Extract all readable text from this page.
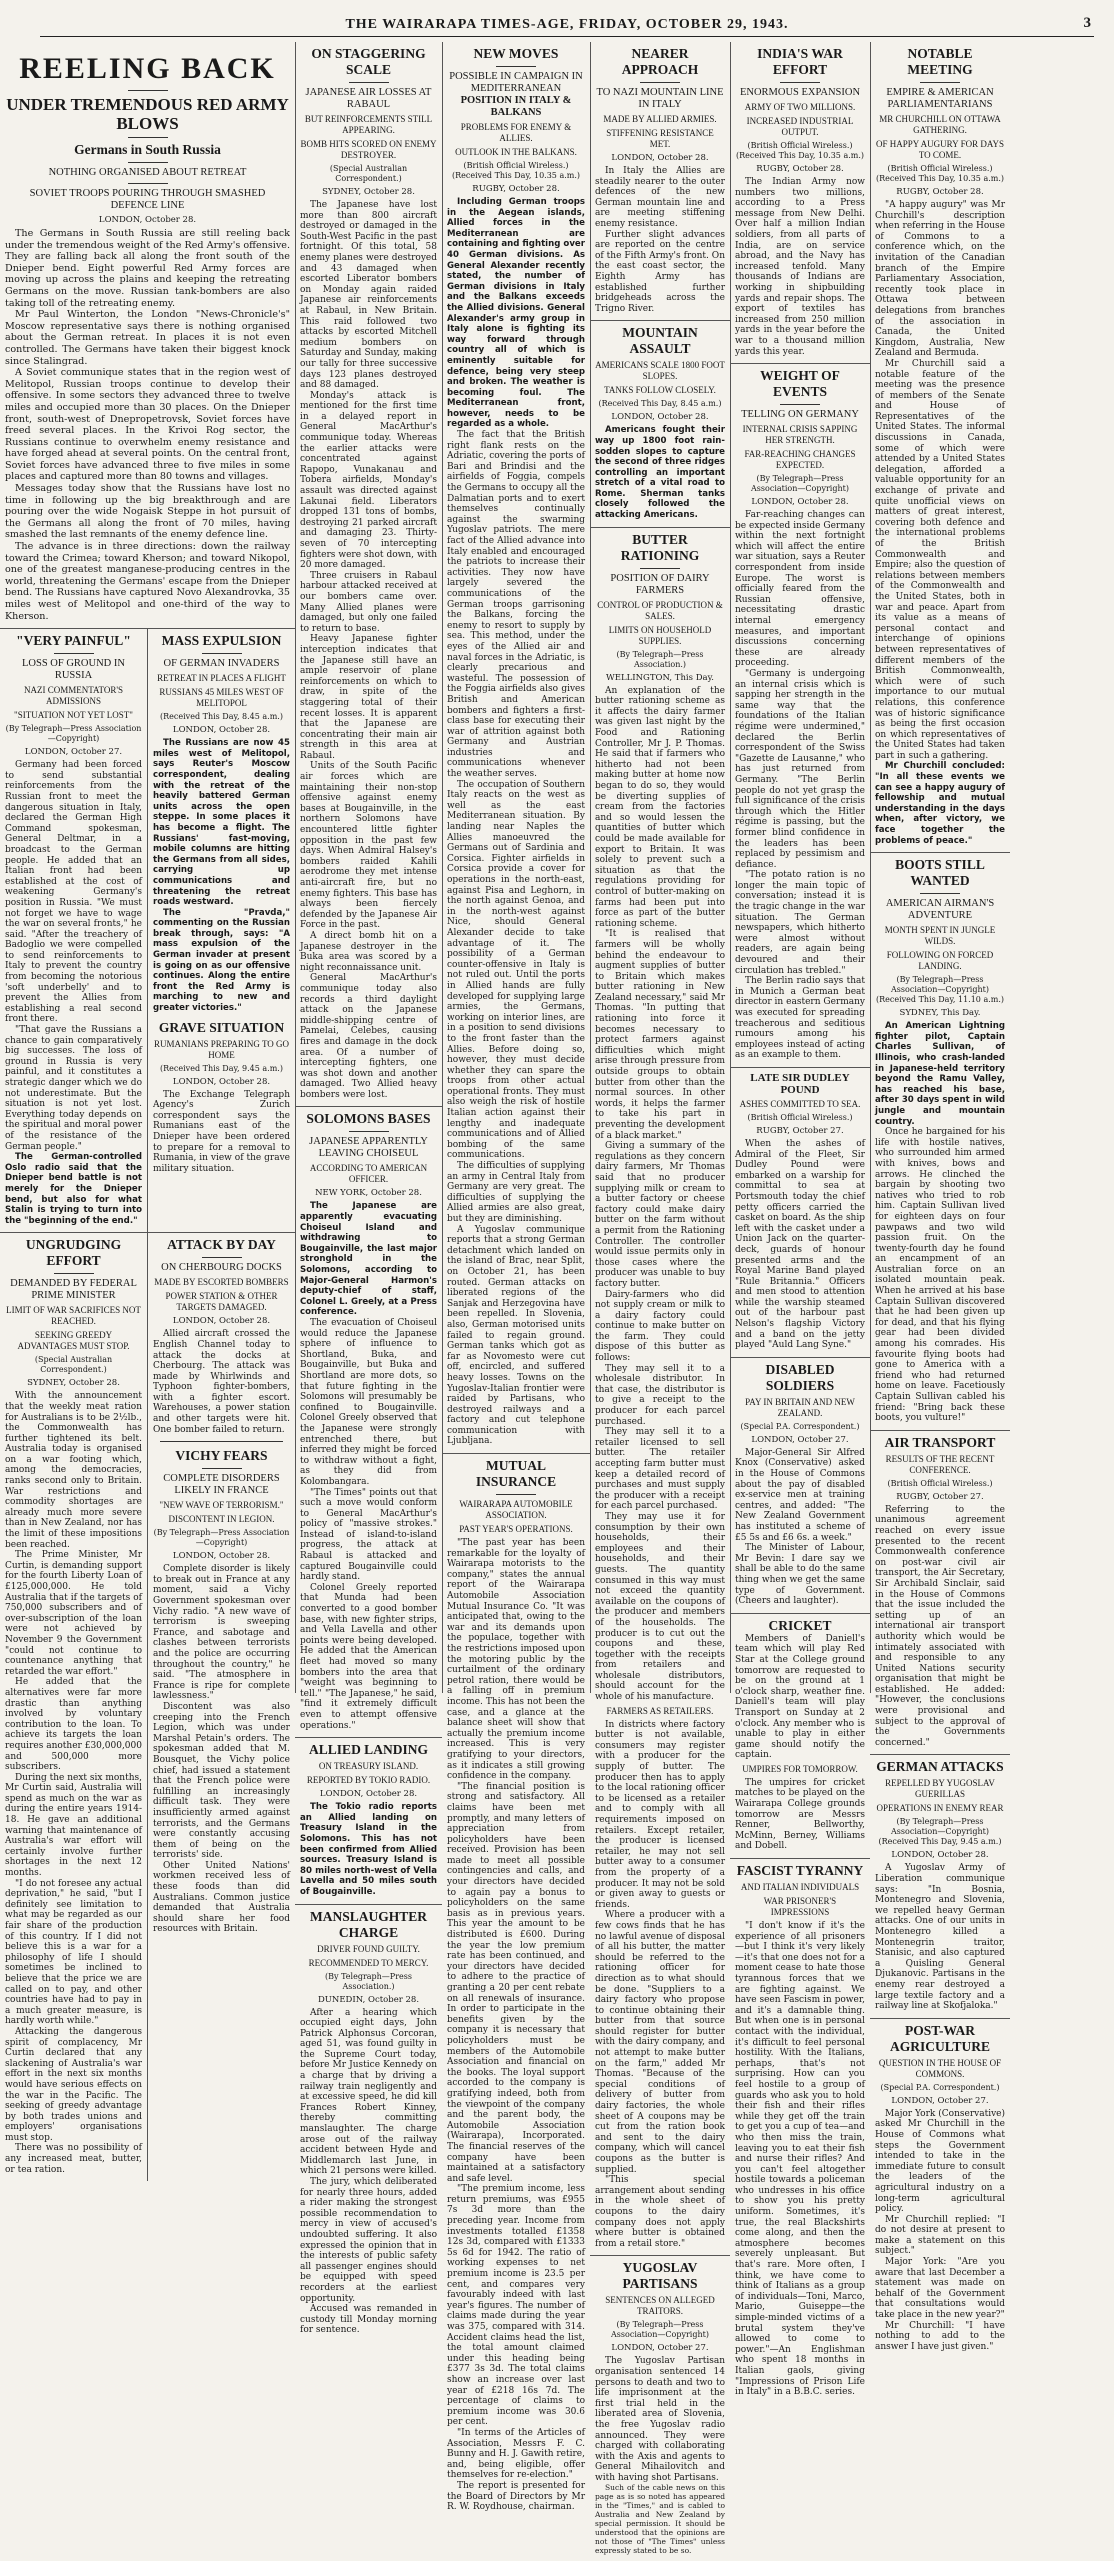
THE WAIRARAPA TIMES-AGE, FRIDAY, OCTOBER 29, 1943.	3
REELING BACK
UNDER TREMENDOUS RED ARMY BLOWS
Germans in South Russia
NOTHING ORGANISED ABOUT RETREAT
SOVIET TROOPS POURING THROUGH SMASHED DEFENCE LINE
LONDON, October 28.

The Germans in South Russia are still reeling back under the tremendous weight of the Red Army's offensive. They are falling back all along the front south of the Dnieper bend. Eight powerful Red Army forces are moving up across the plains and keeping the retreating Germans on the move. Russian tank-bombers are also taking toll of the retreating enemy.

Mr Paul Winterton, the London "News-Chronicle's" Moscow representative says there is nothing organised about the German retreat. In places it is not even controlled. The Germans have taken their biggest knock since Stalingrad.

A Soviet communique states that in the region west of Melitopol, Russian troops continue to develop their offensive. In some sectors they advanced three to twelve miles and occupied more than 30 places. On the Dnieper front, south-west of Dnepropetrovsk, Soviet forces have freed several places. In the Krivoi Rog sector, the Russians continue to overwhelm enemy resistance and have forged ahead at several points. On the central front, Soviet forces have advanced three to five miles in some places and captured more than 80 towns and villages.

Messages today show that the Russians have lost no time in following up the big breakthrough and are pouring over the wide Nogaisk Steppe in hot pursuit of the Germans all along the front of 70 miles, having smashed the last remnants of the enemy defence line.

The advance is in three directions: down the railway toward the Crimea; toward Kherson; and toward Nikopol, one of the greatest manganese-producing centres in the world, threatening the Germans' escape from the Dnieper bend. The Russians have captured Novo Alexandrovka, 35 miles west of Melitopol and one-third of the way to Kherson.

"VERY PAINFUL"
LOSS OF GROUND IN RUSSIA
NAZI COMMENTATOR'S ADMISSIONS
"SITUATION NOT YET LOST"
(By Telegraph—Press Association—Copyright)
LONDON, October 27.

Germany had been forced to send substantial reinforcements from the Russian front to meet the dangerous situation in Italy, declared the German High Command spokesman, General Deltmar, in a broadcast to the German people. He added that an Italian front had been established at the cost of weakening Germany's position in Russia. "We must not forget we have to wage the war on several fronts," he said. "After the treachery of Badoglio we were compelled to send reinforcements to Italy to prevent the country from becoming the notorious 'soft underbelly' and to prevent the Allies from establishing a real second front there.

"That gave the Russians a chance to gain comparatively big successes. The loss of ground in Russia is very painful, and it constitutes a strategic danger which we do not underestimate. But the situation is not yet lost. Everything today depends on the spiritual and moral power of the resistance of the German people."

The German-controlled Oslo radio said that the Dnieper bend battle is not merely for the Dnieper bend, but also for what Stalin is trying to turn into the "beginning of the end."

MASS EXPULSION
OF GERMAN INVADERS
RETREAT IN PLACES A FLIGHT
RUSSIANS 45 MILES WEST OF MELITOPOL
(Received This Day, 8.45 a.m.)
LONDON, October 28.

The Russians are now 45 miles west of Melitopol, says Reuter's Moscow correspondent, dealing with the retreat of the heavily battered German units across the open steppe. In some places it has become a flight. The Russians' fast-moving, mobile columns are hitting the Germans from all sides, carrying up communications and threatening the retreat roads westward.

The "Pravda," commenting on the Russian break through, says: "A mass expulsion of the German invader at present is going on as our offensive continues. Along the entire front the Red Army is marching to new and greater victories."

GRAVE SITUATION
RUMANIANS PREPARING TO GO HOME
(Received This Day, 9.45 a.m.)
LONDON, October 28.

The Exchange Telegraph Agency's Zurich correspondent says the Rumanians east of the Dnieper have been ordered to prepare for a removal to Rumania, in view of the grave military situation.

UNGRUDGING EFFORT
DEMANDED BY FEDERAL PRIME MINISTER
LIMIT OF WAR SACRIFICES NOT REACHED.
SEEKING GREEDY ADVANTAGES MUST STOP.
(Special Australian Correspondent.)
SYDNEY, October 28.

With the announcement that the weekly meat ration for Australians is to be 2½lb., the Commonwealth has further tightened its belt. Australia today is organised on a war footing which, among the democracies, ranks second only to Britain. War restrictions and commodity shortages are already much more severe than in New Zealand, nor has the limit of these impositions been reached.

The Prime Minister, Mr Curtin, is demanding support for the fourth Liberty Loan of £125,000,000. He told Australia that if the targets of 750,000 subscribers and of over-subscription of the loan were not achieved by November 9 the Government "could not continue to countenance anything that retarded the war effort."

He added that the alternatives were far more drastic than anything involved by voluntary contribution to the loan. To achieve its targets the loan requires another £30,000,000 and 500,000 more subscribers.

During the next six months, Mr Curtin said, Australia will spend as much on the war as during the entire years 1914-18. He gave an additional warning that maintenance of Australia's war effort will certainly involve further shortages in the next 12 months.

"I do not foresee any actual deprivation," he said, "but I definitely see limitation to what may be regarded as our fair share of the production of this country. If I did not believe this is a war for a philosophy of life I should sometimes be inclined to believe that the price we are called on to pay, and other countries have had to pay in a much greater measure, is hardly worth while."

Attacking the dangerous spirit of complacency, Mr Curtin declared that any slackening of Australia's war effort in the next six months would have serious effects on the war in the Pacific. The seeking of greedy advantage by both trades unions and employers' organisations must stop.

There was no possibility of any increased meat, butter, or tea ration.

ATTACK BY DAY
ON CHERBOURG DOCKS
MADE BY ESCORTED BOMBERS
POWER STATION & OTHER TARGETS DAMAGED.
LONDON, October 28.

Allied aircraft crossed the English Channel today to attack the docks at Cherbourg. The attack was made by Whirlwinds and Typhoon fighter-bombers, with a fighter escort. Warehouses, a power station and other targets were hit. One bomber failed to return.

VICHY FEARS
COMPLETE DISORDERS LIKELY IN FRANCE
"NEW WAVE OF TERRORISM."
DISCONTENT IN LEGION.
(By Telegraph—Press Association—Copyright)
LONDON, October 28.

Complete disorder is likely to break out in France at any moment, said a Vichy Government spokesman over Vichy radio. "A new wave of terrorism is sweeping France, and sabotage and clashes between terrorists and the police are occurring throughout the country," he said. "The atmosphere in France is ripe for complete lawlessness."

Discontent was also creeping into the French Legion, which was under Marshal Petain's orders. The spokesman added that M. Bousquet, the Vichy police chief, had issued a statement that the French police were fulfilling an increasingly difficult task. They were insufficiently armed against terrorists, and the Germans were constantly accusing them of being on the terrorists' side.

Other United Nations' workmen received less of these foods than did Australians. Common justice demanded that Australia should share her food resources with Britain.

ON STAGGERING SCALE
JAPANESE AIR LOSSES AT RABAUL
BUT REINFORCEMENTS STILL APPEARING.
BOMB HITS SCORED ON ENEMY DESTROYER.
(Special Australian Correspondent.)
SYDNEY, October 28.

The Japanese have lost more than 800 aircraft destroyed or damaged in the South-West Pacific in the past fortnight. Of this total, 58 enemy planes were destroyed and 43 damaged when escorted Liberator bombers on Monday again raided Japanese air reinforcements at Rabaul, in New Britain. This raid followed two attacks by escorted Mitchell medium bombers on Saturday and Sunday, making our tally for three successive days 123 planes destroyed and 88 damaged.

Monday's attack is mentioned for the first time in a delayed report in General MacArthur's communique today. Whereas the earlier attacks were concentrated against Rapopo, Vunakanau and Tobera airfields, Monday's assault was directed against Lakunai field. Liberators dropped 131 tons of bombs, destroying 21 parked aircraft and damaging 23. Thirty-seven of 70 intercepting fighters were shot down, with 20 more damaged.

Three cruisers in Rabaul harbour attacked received at our bombers came over. Many Allied planes were damaged, but only one failed to return to base.

Heavy Japanese fighter interception indicates that the Japanese still have an ample reservoir of plane reinforcements on which to draw, in spite of the staggering total of their recent losses. It is apparent that the Japanese are concentrating their main air strength in this area at Rabaul.

Units of the South Pacific air forces which are maintaining their non-stop offensive against enemy bases at Bougainville, in the northern Solomons have encountered little fighter opposition in the past few days. When Admiral Halsey's bombers raided Kahili aerodrome they met intense anti-aircraft fire, but no enemy fighters. This base has always been fiercely defended by the Japanese Air Force in the past.

A direct bomb hit on a Japanese destroyer in the Buka area was scored by a night reconnaissance unit.

General MacArthur's communique today also records a third daylight attack on the Japanese middle-shipping centre of Pamelai, Celebes, causing fires and damage in the dock area. Of a number of intercepting fighters, one was shot down and another damaged. Two Allied heavy bombers were lost.

SOLOMONS BASES
JAPANESE APPARENTLY LEAVING CHOISEUL
ACCORDING TO AMERICAN OFFICER.
NEW YORK, October 28.

The Japanese are apparently evacuating Choiseul Island and withdrawing to Bougainville, the last major stronghold in the Solomons, according to Major-General Harmon's deputy-chief of staff, Colonel L. Greely, at a Press conference.

The evacuation of Choiseul would reduce the Japanese sphere of influence to Shortland, Buka, and Bougainville, but Buka and Shortland are more dots, so that future fighting in the Solomons will presumably be confined to Bougainville. Colonel Greely observed that the Japanese were strongly entrenched there, but inferred they might be forced to withdraw without a fight, as they did from Kolombangara.

"The Times" points out that such a move would conform to General MacArthur's policy of "massive strokes." Instead of island-to-island progress, the attack at Rabaul is attacked and captured Bougainville could hardly stand.

Colonel Greely reported that Munda had been converted to a good bomber base, with new fighter strips, and Vella Lavella and other points were being developed. He added that the American fleet had moved so many bombers into the area that "weight was beginning to tell." "The Japanese," he said, "find it extremely difficult even to attempt offensive operations."

ALLIED LANDING
ON TREASURY ISLAND.
REPORTED BY TOKIO RADIO.
LONDON, October 28.

The Tokio radio reports an Allied landing on Treasury Island in the Solomons. This has not been confirmed from Allied sources. Treasury Island is 80 miles north-west of Vella Lavella and 50 miles south of Bougainville.

MANSLAUGHTER CHARGE
DRIVER FOUND GUILTY.
RECOMMENDED TO MERCY.
(By Telegraph—Press Association.)
DUNEDIN, October 28.

After a hearing which occupied eight days, John Patrick Alphonsus Corcoran, aged 51, was found guilty in the Supreme Court today, before Mr Justice Kennedy on a charge that by driving a railway train negligently and at excessive speed, he did kill Frances Robert Kinney, thereby committing manslaughter. The charge arose out of the railway accident between Hyde and Middlemarch last June, in which 21 persons were killed.

The jury, which deliberated for nearly three hours, added a rider making the strongest possible recommendation to mercy in view of accused's undoubted suffering. It also expressed the opinion that in the interests of public safety all passenger engines should be equipped with speed recorders at the earliest opportunity.

Accused was remanded in custody till Monday morning for sentence.

NEW MOVES
POSSIBLE IN CAMPAIGN IN MEDITERRANEAN
POSITION IN ITALY & BALKANS
PROBLEMS FOR ENEMY & ALLIES.
OUTLOOK IN THE BALKANS.
(British Official Wireless.) (Received This Day, 10.35 a.m.)
RUGBY, October 28.

Including German troops in the Aegean islands, Allied forces in the Mediterranean are containing and fighting over 40 German divisions. As General Alexander recently stated, the number of German divisions in Italy and the Balkans exceeds the Allied divisions. General Alexander's army group in Italy alone is fighting its way forward through country all of which is eminently suitable for defence, being very steep and broken. The weather is becoming foul. The Mediterranean front, however, needs to be regarded as a whole.

The fact that the British right flank rests on the Adriatic, covering the ports of Bari and Brindisi and the airfields of Foggia, compels the Germans to occupy all the Dalmatian ports and to exert themselves continually against the swarming Yugoslav patriots. The mere fact of the Allied advance into Italy enabled and encouraged the patriots to increase their activities. They now have largely severed the communications of the German troops garrisoning the Balkans, forcing the enemy to resort to supply by sea. This method, under the eyes of the Allied air and naval forces in the Adriatic, is clearly precarious and wasteful. The possession of the Foggia airfields also gives British and American bombers and fighters a first-class base for executing their war of attrition against both Germany and Austrian industries and communications whenever the weather serves.

The occupation of Southern Italy reacts on the west as well as the east Mediterranean situation. By landing near Naples the Allies manoeuvred the Germans out of Sardinia and Corsica. Fighter airfields in Corsica provide a cover for operations in the north-east, against Pisa and Leghorn, in the north against Genoa, and in the north-west against Nice, should General Alexander decide to take advantage of it. The possibility of a German counter-offensive in Italy is not ruled out. Until the ports in Allied hands are fully developed for supplying large armies, the Germans, working on interior lines, are in a position to send divisions to the front faster than the Allies. Before doing so, however, they must decide whether they can spare the troops from other actual operational fronts. They must also weigh the risk of hostile Italian action against their lengthy and inadequate communications and of Allied bombing of the same communications.

The difficulties of supplying an army in Central Italy from Germany are very great. The difficulties of supplying the Allied armies are also great, but they are diminishing.

A Yugoslav communique reports that a strong German detachment which landed on the island of Brac, near Split, on October 21, has been routed. German attacks on liberated regions of the Sanjak and Herzegovina have been repelled. In Slovenia, also, German motorised units failed to regain ground. German tanks which got as far as Novomesto were cut off, encircled, and suffered heavy losses. Towns on the Yugoslav-Italian frontier were raided by Partisans, who destroyed railways and a factory and cut telephone communication with Ljubljana.

MUTUAL INSURANCE
WAIRARAPA AUTOMOBILE ASSOCIATION.
PAST YEAR'S OPERATIONS.

"The past year has been remarkable for the loyalty of Wairarapa motorists to the company," states the annual report of the Wairarapa Automobile Association Mutual Insurance Co. "It was anticipated that, owing to the war and its demands upon the populace, together with the restrictions imposed upon the motoring public by the curtailment of the ordinary petrol ration, there would be a falling off in premium income. This has not been the case, and a glance at the balance sheet will show that actually the premium income increased. This is very gratifying to your directors, as it indicates a still growing confidence in the company.

"The financial position is strong and satisfactory. All claims have been met promptly, and many letters of appreciation from policyholders have been received. Provision has been made to meet all possible contingencies and calls, and your directors have decided to again pay a bonus to policyholders on the same basis as in previous years. This year the amount to be distributed is £600. During the year the low premium rate has been continued, and your directors have decided to adhere to the practice of granting a 20 per cent rebate on all renewals of insurance. In order to participate in the benefits given by the company it is necessary that policyholders must be members of the Automobile Association and financial on the books. The loyal support accorded to the company is gratifying indeed, both from the viewpoint of the company and the parent body, the Automobile Association (Wairarapa), Incorporated. The financial reserves of the company have been maintained at a satisfactory and safe level.

"The premium income, less return premiums, was £955 7s 3d more than the preceding year. Income from investments totalled £1358 12s 3d, compared with £1333 5s 6d for 1942. The ratio of working expenses to net premium income is 23.5 per cent, and compares very favourably indeed with last year's figures. The number of claims made during the year was 375, compared with 314. Accident claims head the list, the total amount claimed under this heading being £377 3s 3d. The total claims show an increase over last year of £218 16s 7d. The percentage of claims to premium income was 30.6 per cent.

"In terms of the Articles of Association, Messrs F. C. Bunny and H. J. Gawith retire, and, being eligible, offer themselves for re-election."

The report is presented for the Board of Directors by Mr R. W. Roydhouse, chairman.

NEARER APPROACH
TO NAZI MOUNTAIN LINE IN ITALY
MADE BY ALLIED ARMIES.
STIFFENING RESISTANCE MET.
LONDON, October 28.

In Italy the Allies are steadily nearer to the outer defences of the new German mountain line and are meeting stiffening enemy resistance.

Further slight advances are reported on the centre of the Fifth Army's front. On the east coast sector, the Eighth Army has established further bridgeheads across the Trigno River.

MOUNTAIN ASSAULT
AMERICANS SCALE 1800 FOOT SLOPES.
TANKS FOLLOW CLOSELY.
(Received This Day, 8.45 a.m.)
LONDON, October 28.

Americans fought their way up 1800 foot rain-sodden slopes to capture the second of three ridges controlling an important stretch of a vital road to Rome. Sherman tanks closely followed the attacking Americans.

BUTTER RATIONING
POSITION OF DAIRY FARMERS
CONTROL OF PRODUCTION & SALES.
LIMITS ON HOUSEHOLD SUPPLIES.
(By Telegraph—Press Association.)
WELLINGTON, This Day.

An explanation of the butter rationing scheme as it affects the dairy farmer was given last night by the Food and Rationing Controller, Mr J. P. Thomas. He said that if farmers who hitherto had not been making butter at home now began to do so, they would be diverting supplies of cream from the factories and so would lessen the quantities of butter which could be made available for export to Britain. It was solely to prevent such a situation as that the regulations providing for control of butter-making on farms had been put into force as part of the butter rationing scheme.

"It is realised that farmers will be wholly behind the endeavour to augment supplies of butter to Britain which makes butter rationing in New Zealand necessary," said Mr Thomas. "In putting that rationing into force it becomes necessary to protect farmers against difficulties which might arise through pressure from outside groups to obtain butter from other than the normal sources. In other words, it helps the farmer to take his part in preventing the development of a black market."

Giving a summary of the regulations as they concern dairy farmers, Mr Thomas said that no producer supplying milk or cream to a butter factory or cheese factory could make dairy butter on the farm without a permit from the Rationing Controller. The controller would issue permits only in those cases where the producer was unable to buy factory butter.

Dairy-farmers who did not supply cream or milk to a dairy factory could continue to make butter on the farm. They could dispose of this butter as follows:

They may sell it to a wholesale distributor. In that case, the distributor is to give a receipt to the producer for each parcel purchased.

They may sell it to a retailer licensed to sell butter. The retailer accepting farm butter must keep a detailed record of purchases and must supply the producer with a receipt for each parcel purchased.

They may use it for consumption by their own households, their employees and their households, and their guests. The quantity consumed in this way must not exceed the quantity available on the coupons of the producer and members of the households. The producer is to cut out the coupons and these, together with the receipts from retailers and wholesale distributors, should account for the whole of his manufacture.

FARMERS AS RETAILERS.

In districts where factory butter is not available, consumers may register with a producer for the supply of butter. The producer then has to apply to the local rationing officer to be licensed as a retailer and to comply with all requirements imposed on retailers. Except retailer, the producer is licensed retailer, he may not sell butter away to a consumer from the property of a producer. It may not be sold or given away to guests or friends.

Where a producer with a few cows finds that he has no lawful avenue of disposal of all his butter, the matter should be referred to the rationing officer for direction as to what should be done. "Suppliers to a dairy factory who propose to continue obtaining their butter from that source should register for butter with the dairy company, and not attempt to make butter on the farm," added Mr Thomas. "Because of the special conditions of delivery of butter from dairy factories, the whole sheet of A coupons may be cut from the ration book and sent to the dairy company, which will cancel coupons as the butter is supplied.

"This special arrangement about sending in the whole sheet of coupons to the dairy company does not apply where butter is obtained from a retail store."

YUGOSLAV PARTISANS
SENTENCES ON ALLEGED TRAITORS.
(By Telegraph—Press Association—Copyright)
LONDON, October 27.

The Yugoslav Partisan organisation sentenced 14 persons to death and two to life imprisonment at the first trial held in the liberated area of Slovenia, the free Yugoslav radio announced. They were charged with collaborating with the Axis and agents to General Mihailovitch and with having shot Partisans.

Such of the cable news on this page as is so noted has appeared in the "Times," and is cabled to Australia and New Zealand by special permission. It should be understood that the opinions are not those of "The Times" unless expressly stated to be so.

INDIA'S WAR EFFORT
ENORMOUS EXPANSION
ARMY OF TWO MILLIONS.
INCREASED INDUSTRIAL OUTPUT.
(British Official Wireless.) (Received This Day, 10.35 a.m.)
RUGBY, October 28.

The Indian Army now numbers two millions, according to a Press message from New Delhi. Over half a million Indian soldiers, from all parts of India, are on service abroad, and the Navy has increased tenfold. Many thousands of Indians are working in shipbuilding yards and repair shops. The export of textiles has increased from 250 million yards in the year before the war to a thousand million yards this year.

WEIGHT OF EVENTS
TELLING ON GERMANY
INTERNAL CRISIS SAPPING HER STRENGTH.
FAR-REACHING CHANGES EXPECTED.
(By Telegraph—Press Association—Copyright)
LONDON, October 28.

Far-reaching changes can be expected inside Germany within the next fortnight which will affect the entire war situation, says a Reuter correspondent from inside Europe. The worst is officially feared from the Russian offensive, necessitating drastic internal emergency measures, and important discussions concerning these are already proceeding.

"Germany is undergoing an internal crisis which is sapping her strength in the same way that the foundations of the Italian régime were undermined," declared the Berlin correspondent of the Swiss "Gazette de Lausanne," who has just returned from Germany. "The Berlin people do not yet grasp the full significance of the crisis through which the Hitler régime is passing, but the former blind confidence in the leaders has been replaced by pessimism and defiance.

"The potato ration is no longer the main topic of conversation; instead it is the tragic change in the war situation. The German newspapers, which hitherto were almost without readers, are again being devoured and their circulation has trebled."

The Berlin radio says that in Munich a German beat director in eastern Germany was executed for spreading treacherous and seditious rumours among his employees instead of acting as an example to them.

LATE SIR DUDLEY POUND
ASHES COMMITTED TO SEA.
(British Official Wireless.)
RUGBY, October 27.

When the ashes of Admiral of the Fleet, Sir Dudley Pound were embarked on a warship for committal to sea at Portsmouth today the chief petty officers carried the casket on board. As the ship left with the casket under a Union Jack on the quarter-deck, guards of honour presented arms and the Royal Marine Band played "Rule Britannia." Officers and men stood to attention while the warship steamed out of the harbour past Nelson's flagship Victory and a band on the jetty played "Auld Lang Syne."

DISABLED SOLDIERS
PAY IN BRITAIN AND NEW ZEALAND.
(Special P.A. Correspondent.)
LONDON, October 27.

Major-General Sir Alfred Knox (Conservative) asked in the House of Commons about the pay of disabled ex-service men at training centres, and added: "The New Zealand Government has instituted a scheme of £5 5s and £6 6s. a week."

The Minister of Labour, Mr Bevin: I dare say we shall be able to do the same thing when we get the same type of Government. (Cheers and laughter).

CRICKET

Members of Daniell's team which will play Red Star at the College ground tomorrow are requested to be on the ground at 1 o'clock sharp, weather fine. Daniell's team will play Transport on Sunday at 2 o'clock. Any member who is unable to play in either game should notify the captain.

UMPIRES FOR TOMORROW.

The umpires for cricket matches to be played on the Wairarapa College grounds tomorrow are Messrs Renner, Bellworthy, McMinn, Berney, Williams and Dobell.

FASCIST TYRANNY
AND ITALIAN INDIVIDUALS
WAR PRISONER'S IMPRESSIONS

"I don't know if it's the experience of all prisoners—but I think it's very likely—it's that one does not for a moment cease to hate those tyrannous forces that we are fighting against. We have seen Fascism in power, and it's a damnable thing. But when one is in personal contact with the individual, it's difficult to feel personal hostility. With the Italians, perhaps, that's not surprising. How can you feel hostile to a group of guards who ask you to hold their fish and their rifles while they get off the train to get you a cup of tea—and who then miss the train, leaving you to eat their fish and nurse their rifles? And you can't feel altogether hostile towards a policeman who undresses in his office to show you his pretty uniform. Sometimes, it's true, the real Blackshirts come along, and then the atmosphere becomes severely unpleasant. But that's rare. More often, I think, we have come to think of Italians as a group of individuals—Toni, Marco, Mario, Guiseppe—the simple-minded victims of a brutal system they've allowed to come to power."—An Englishman who spent 18 months in Italian gaols, giving "Impressions of Prison Life in Italy" in a B.B.C. series.

NOTABLE MEETING
EMPIRE & AMERICAN PARLIAMENTARIANS
MR CHURCHILL ON OTTAWA GATHERING.
OF HAPPY AUGURY FOR DAYS TO COME.
(British Official Wireless.) (Received This Day, 10.35 a.m.)
RUGBY, October 28.

"A happy augury" was Mr Churchill's description when referring in the House of Commons to a conference which, on the invitation of the Canadian branch of the Empire Parliamentary Association, recently took place in Ottawa between delegations from branches of the association in Canada, the United Kingdom, Australia, New Zealand and Bermuda.

Mr Churchill said a notable feature of the meeting was the presence of members of the Senate and House of Representatives of the United States. The informal discussions in Canada, some of which were attended by a United States delegation, afforded a valuable opportunity for an exchange of private and quite unofficial views on matters of great interest, covering both defence and the international problems of the British Commonwealth and Empire; also the question of relations between members of the Commonwealth and the United States, both in war and peace. Apart from its value as a means of personal contact and interchange of opinions between representatives of different members of the British Commonwealth, which were of such importance to our mutual relations, this conference was of historic significance as being the first occasion on which representatives of the United States had taken part in such a gathering.

Mr Churchill concluded: "In all these events we can see a happy augury of fellowship and mutual understanding in the days when, after victory, we face together the problems of peace."

BOOTS STILL WANTED
AMERICAN AIRMAN'S ADVENTURE
MONTH SPENT IN JUNGLE WILDS.
FOLLOWING ON FORCED LANDING.
(By Telegraph—Press Association—Copyright) (Received This Day, 11.10 a.m.)
SYDNEY, This Day.

An American Lightning fighter pilot, Captain Charles Sullivan, of Illinois, who crash-landed in Japanese-held territory beyond the Ramu Valley, has reached his base, after 30 days spent in wild jungle and mountain country.

Once he bargained for his life with hostile natives, who surrounded him armed with knives, bows and arrows. He clinched the bargain by shooting two natives who tried to rob him. Captain Sullivan lived for eighteen days on four pawpaws and two wild passion fruit. On the twenty-fourth day he found an encampment of an Australian force on an isolated mountain peak. When he arrived at his base Captain Sullivan discovered that he had been given up for dead, and that his flying gear had been divided among his comrades. His favourite flying boots had gone to America with a friend who had returned home on leave. Facetiously Captain Sullivan cabled his friend: "Bring back these boots, you vulture!"

AIR TRANSPORT
RESULTS OF THE RECENT CONFERENCE.
(British Official Wireless.)
RUGBY, October 27.

Referring to the unanimous agreement reached on every issue presented to the recent Commonwealth conference on post-war civil air transport, the Air Secretary, Sir Archibald Sinclair, said in the House of Commons that the issue included the setting up of an international air transport authority which would be intimately associated with and responsible to any United Nations security organisation that might be established. He added: "However, the conclusions were provisional and subject to the approval of the Governments concerned."

GERMAN ATTACKS
REPELLED BY YUGOSLAV GUERILLAS
OPERATIONS IN ENEMY REAR
(By Telegraph—Press Association—Copyright) (Received This Day, 9.45 a.m.)
LONDON, October 28.

A Yugoslav Army of Liberation communique says: "In Bosnia, Montenegro and Slovenia, we repelled heavy German attacks. One of our units in Montenegro killed a Montenegrin traitor, Stanisic, and also captured a Quisling General Djukanovic. Partisans in the enemy rear destroyed a large textile factory and a railway line at Skofjaloka."

POST-WAR AGRICULTURE
QUESTION IN THE HOUSE OF COMMONS.
(Special P.A. Correspondent.)
LONDON, October 27.

Major York (Conservative) asked Mr Churchill in the House of Commons what steps the Government intended to take in the immediate future to consult the leaders of the agricultural industry on a long-term agricultural policy.

Mr Churchill replied: "I do not desire at present to make a statement on this subject."

Major York: "Are you aware that last December a statement was made on behalf of the Government that consultations would take place in the new year?"

Mr Churchill: "I have nothing to add to the answer I have just given."
